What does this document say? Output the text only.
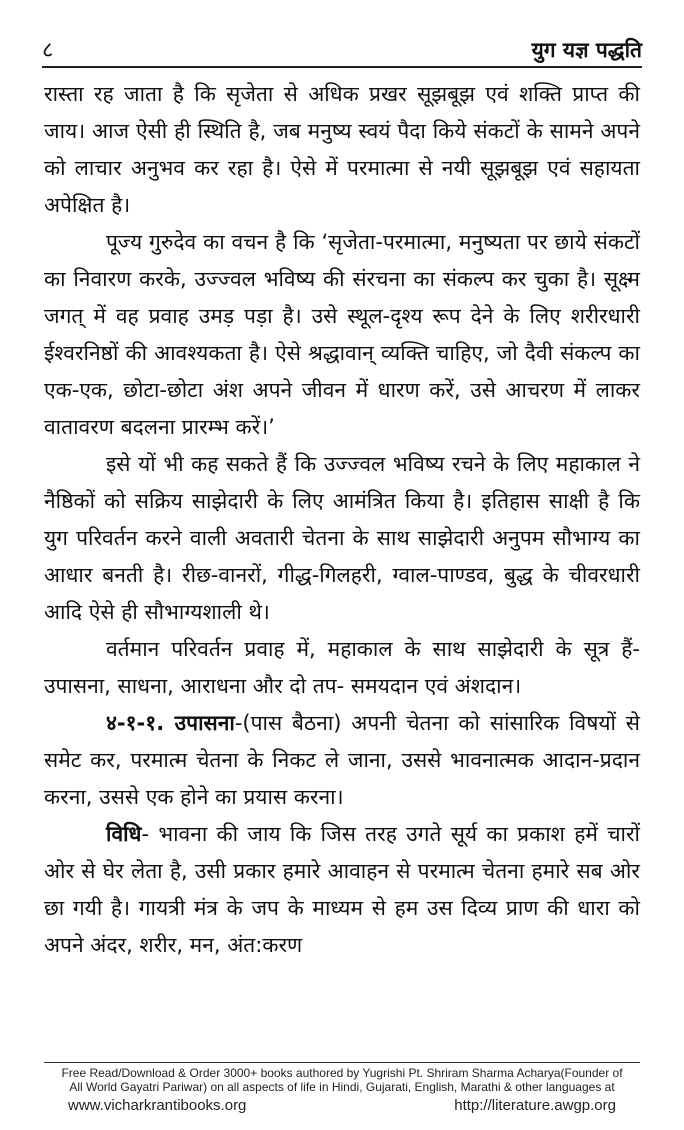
८	युग यज्ञ पद्धति

रास्ता रह जाता है कि सृजेता से अधिक प्रखर सूझबूझ एवं शक्ति प्राप्त की जाय। आज ऐसी ही स्थिति है, जब मनुष्य स्वयं पैदा किये संकटों के सामने अपने को लाचार अनुभव कर रहा है। ऐसे में परमात्मा से नयी सूझबूझ एवं सहायता अपेक्षित है।

पूज्य गुरुदेव का वचन है कि ‘सृजेता-परमात्मा, मनुष्यता पर छाये संकटों का निवारण करके, उज्ज्वल भविष्य की संरचना का संकल्प कर चुका है। सूक्ष्म जगत् में वह प्रवाह उमड़ पड़ा है। उसे स्थूल-दृश्य रूप देने के लिए शरीरधारी ईश्वरनिष्ठों की आवश्यकता है। ऐसे श्रद्धावान् व्यक्ति चाहिए, जो दैवी संकल्प का एक-एक, छोटा-छोटा अंश अपने जीवन में धारण करें, उसे आचरण में लाकर वातावरण बदलना प्रारम्भ करें।’

इसे यों भी कह सकते हैं कि उज्ज्वल भविष्य रचने के लिए महाकाल ने नैष्ठिकों को सक्रिय साझेदारी के लिए आमंत्रित किया है। इतिहास साक्षी है कि युग परिवर्तन करने वाली अवतारी चेतना के साथ साझेदारी अनुपम सौभाग्य का आधार बनती है। रीछ-वानरों, गीद्ध-गिलहरी, ग्वाल-पाण्डव, बुद्ध के चीवरधारी आदि ऐसे ही सौभाग्यशाली थे।

वर्तमान परिवर्तन प्रवाह में, महाकाल के साथ साझेदारी के सूत्र हैं-उपासना, साधना, आराधना और दो तप- समयदान एवं अंशदान।

४-१-१. उपासना-(पास बैठना) अपनी चेतना को सांसारिक विषयों से समेट कर, परमात्म चेतना के निकट ले जाना, उससे भावनात्मक आदान-प्रदान करना, उससे एक होने का प्रयास करना।

विधि- भावना की जाय कि जिस तरह उगते सूर्य का प्रकाश हमें चारों ओर से घेर लेता है, उसी प्रकार हमारे आवाहन से परमात्म चेतना हमारे सब ओर छा गयी है। गायत्री मंत्र के जप के माध्यम से हम उस दिव्य प्राण की धारा को अपने अंदर, शरीर, मन, अंत:करण

Free Read/Download & Order 3000+ books authored by Yugrishi Pt. Shriram Sharma Acharya(Founder of
All World Gayatri Pariwar) on all aspects of life in Hindi, Gujarati, English, Marathi & other languages at
www.vicharkrantibooks.org	http://literature.awgp.org
